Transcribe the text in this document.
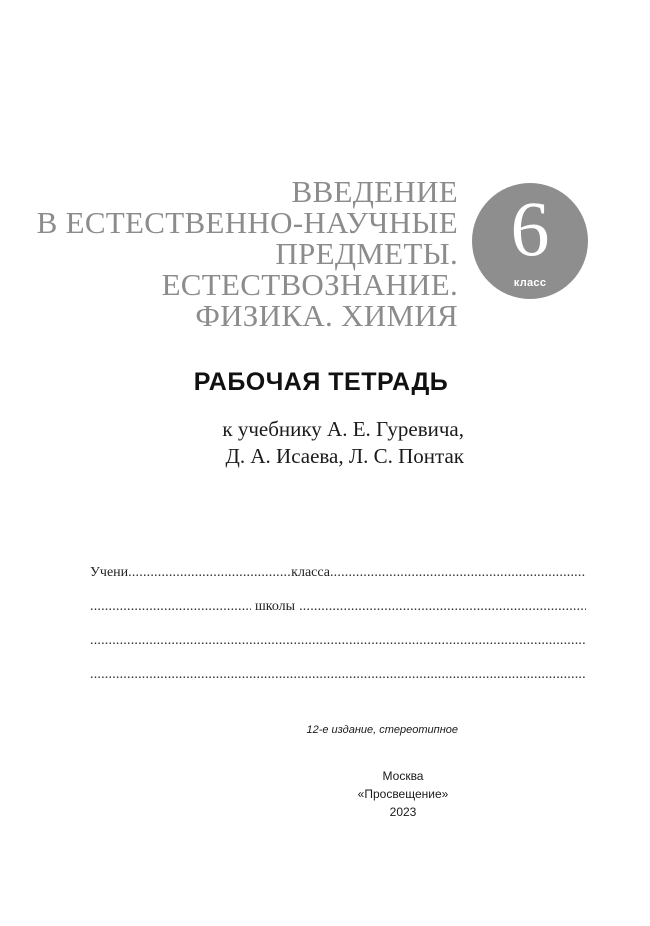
ВВЕДЕНИЕ
В ЕСТЕСТВЕННО-НАУЧНЫЕ
ПРЕДМЕТЫ.
ЕСТЕСТВОЗНАНИЕ.
ФИЗИКА. ХИМИЯ
6
класс
РАБОЧАЯ ТЕТРАДЬ
к учебнику А. Е. Гуревича,
Д. А. Исаева, Л. С. Понтак
Учени
.....	класса
.....
.....
школы
.....
.....
.....
12-е издание, стереотипное
Москва
«Просвещение»
2023
